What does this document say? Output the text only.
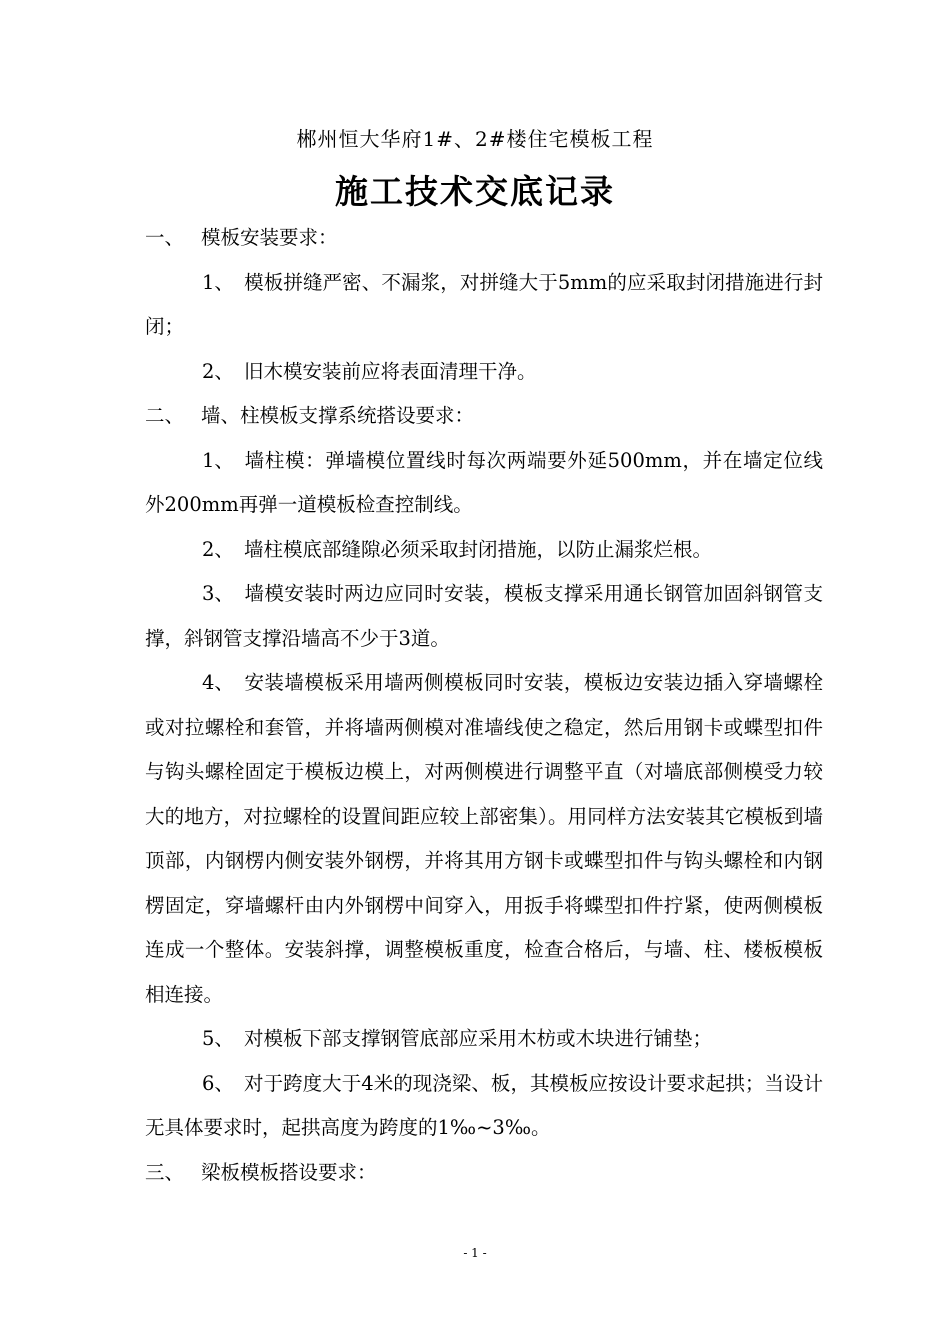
郴州恒大华府1#、2#楼住宅模板工程
施工技术交底记录

一、 模板安装要求：

1、 模板拼缝严密、不漏浆，对拼缝大于5mm的应采取封闭措施进行封闭；

2、 旧木模安装前应将表面清理干净。

二、 墙、柱模板支撑系统搭设要求：

1、 墙柱模：弹墙模位置线时每次两端要外延500mm，并在墙定位线外200mm再弹一道模板检查控制线。

2、 墙柱模底部缝隙必须采取封闭措施，以防止漏浆烂根。

3、 墙模安装时两边应同时安装，模板支撑采用通长钢管加固斜钢管支撑，斜钢管支撑沿墙高不少于3道。

4、 安装墙模板采用墙两侧模板同时安装，模板边安装边插入穿墙螺栓或对拉螺栓和套管，并将墙两侧模对准墙线使之稳定，然后用钢卡或蝶型扣件与钩头螺栓固定于模板边模上，对两侧模进行调整平直（对墙底部侧模受力较大的地方，对拉螺栓的设置间距应较上部密集）。用同样方法安装其它模板到墙顶部，内钢楞内侧安装外钢楞，并将其用方钢卡或蝶型扣件与钩头螺栓和内钢楞固定，穿墙螺杆由内外钢楞中间穿入，用扳手将蝶型扣件拧紧，使两侧模板连成一个整体。安装斜撑，调整模板重度，检查合格后，与墙、柱、楼板模板相连接。

5、 对模板下部支撑钢管底部应采用木枋或木块进行铺垫；

6、 对于跨度大于4米的现浇梁、板，其模板应按设计要求起拱；当设计无具体要求时，起拱高度为跨度的1‰~3‰。

三、 梁板模板搭设要求：

- 1 -
